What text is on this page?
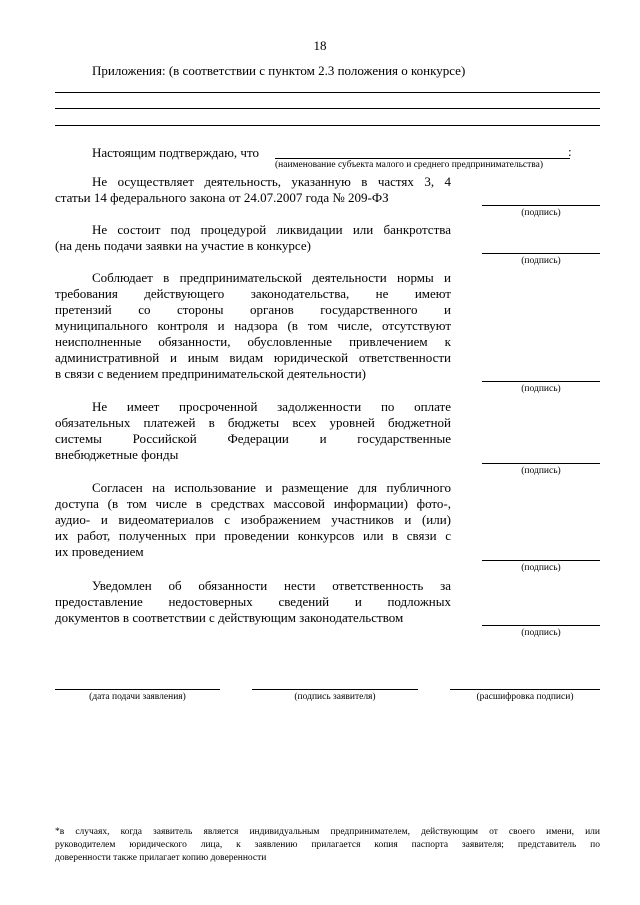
18
Приложения: (в соответствии с пунктом 2.3 положения о конкурсе)
Настоящим подтверждаю, что	:
(наименование субъекта малого и среднего предпринимательства)
Не осуществляет деятельность, указанную в частях 3, 4
статьи 14 федерального закона от 24.07.2007 года № 209-ФЗ
(подпись)
Не состоит под процедурой ликвидации или банкротства
(на день подачи заявки на участие в конкурсе)
(подпись)
Соблюдает в предпринимательской деятельности нормы и
требования действующего законодательства, не имеют
претензий со стороны органов государственного и
муниципального контроля и надзора (в том числе, отсутствуют
неисполненные обязанности, обусловленные привлечением к
административной и иным видам юридической ответственности
в связи с ведением предпринимательской деятельности)
(подпись)
Не имеет просроченной задолженности по оплате
обязательных платежей в бюджеты всех уровней бюджетной
системы Российской Федерации и государственные
внебюджетные фонды
(подпись)
Согласен на использование и размещение для публичного
доступа (в том числе в средствах массовой информации) фото-,
аудио- и видеоматериалов с изображением участников и (или)
их работ, полученных при проведении конкурсов или в связи с
их проведением
(подпись)
Уведомлен об обязанности нести ответственность за
предоставление недостоверных сведений и подложных
документов в соответствии с действующим законодательством
(подпись)
(дата подачи заявления)	(подпись заявителя)	(расшифровка подписи)
*в случаях, когда заявитель является индивидуальным предпринимателем, действующим от своего имени, или
руководителем юридического лица, к заявлению прилагается копия паспорта заявителя; представитель по
доверенности также прилагает копию доверенности
